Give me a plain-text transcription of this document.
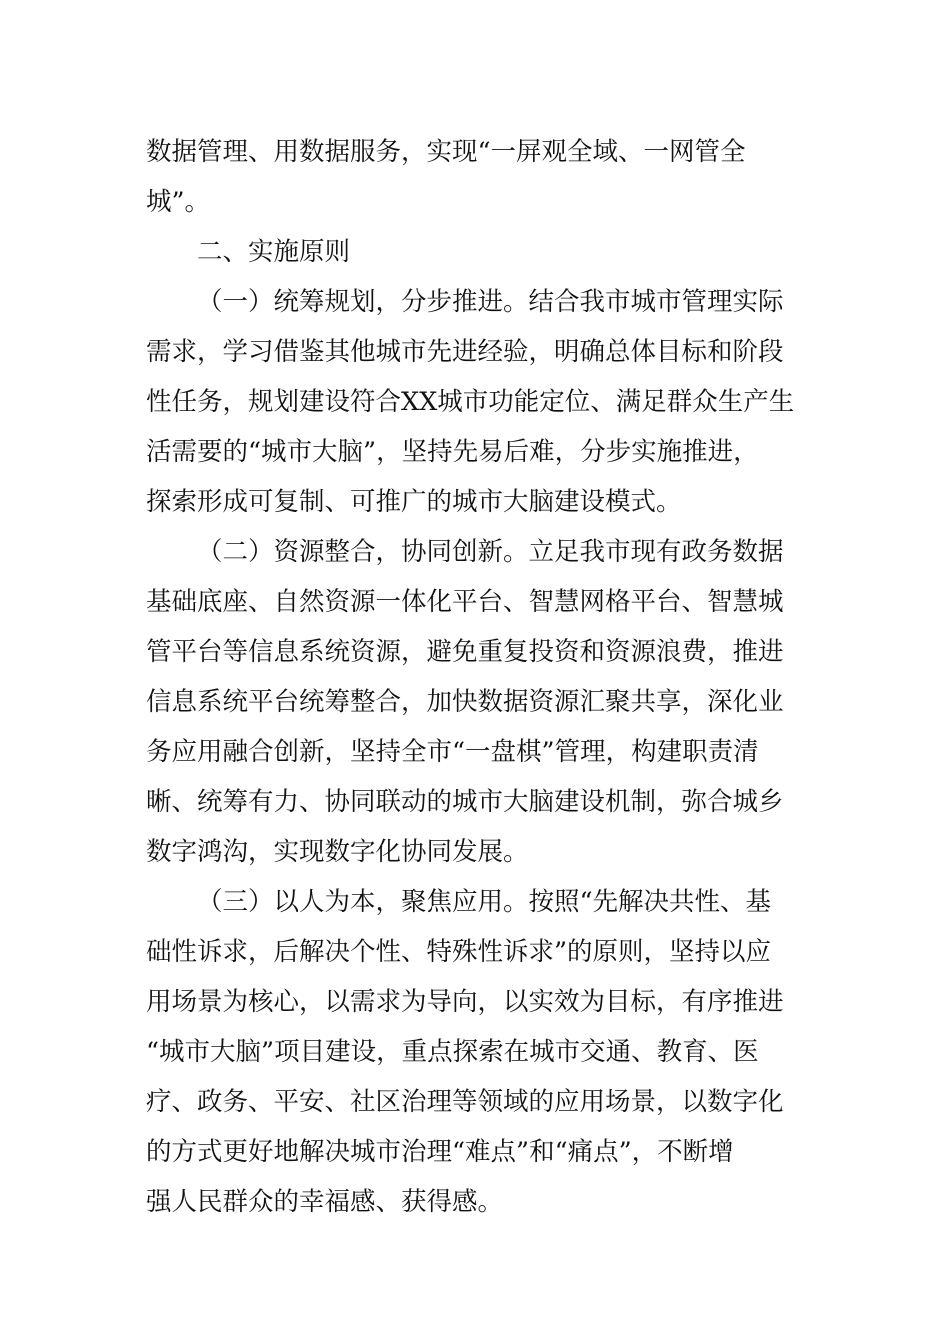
数据管理、用数据服务，实现“一屏观全域、一网管全

城”。

二、实施原则

（一）统筹规划，分步推进。结合我市城市管理实际

需求，学习借鉴其他城市先进经验，明确总体目标和阶段

性任务，规划建设符合XX城市功能定位、满足群众生产生

活需要的“城市大脑”，坚持先易后难，分步实施推进，

探索形成可复制、可推广的城市大脑建设模式。

（二）资源整合，协同创新。立足我市现有政务数据

基础底座、自然资源一体化平台、智慧网格平台、智慧城

管平台等信息系统资源，避免重复投资和资源浪费，推进

信息系统平台统筹整合，加快数据资源汇聚共享，深化业

务应用融合创新，坚持全市“一盘棋”管理，构建职责清

晰、统筹有力、协同联动的城市大脑建设机制，弥合城乡

数字鸿沟，实现数字化协同发展。

（三）以人为本，聚焦应用。按照“先解决共性、基

础性诉求，后解决个性、特殊性诉求”的原则，坚持以应

用场景为核心，以需求为导向，以实效为目标，有序推进

“城市大脑”项目建设，重点探索在城市交通、教育、医

疗、政务、平安、社区治理等领域的应用场景，以数字化

的方式更好地解决城市治理“难点”和“痛点”，不断增

强人民群众的幸福感、获得感。
